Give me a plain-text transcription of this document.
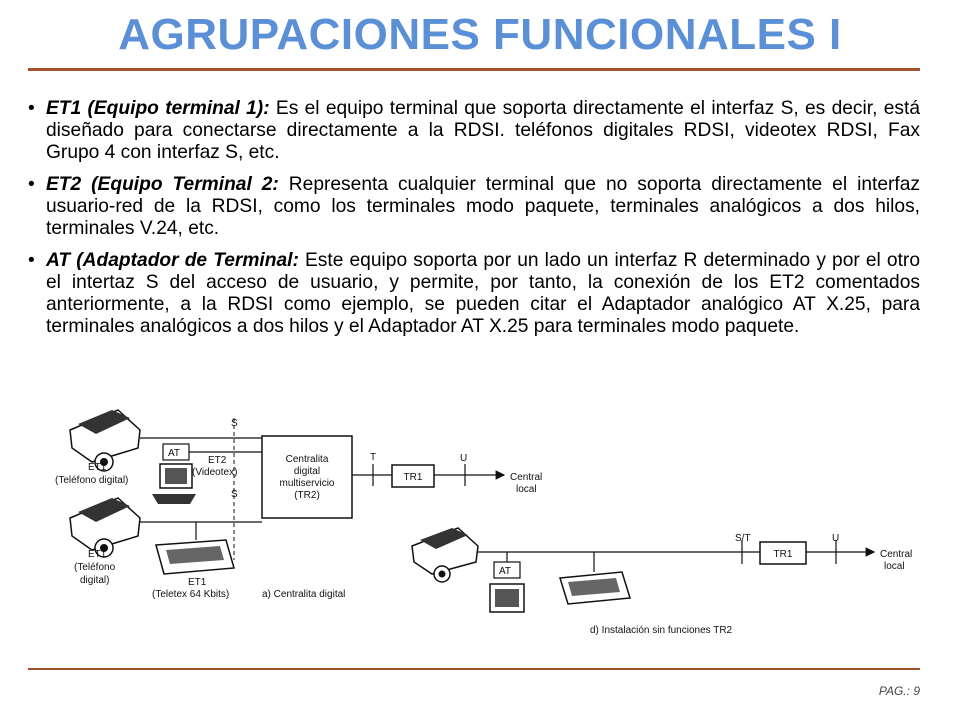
AGRUPACIONES FUNCIONALES I
• ET1 (Equipo terminal 1): Es el equipo terminal que soporta directamente el interfaz S, es decir, está diseñado para conectarse directamente a la RDSI. teléfonos digitales RDSI, videotex RDSI, Fax Grupo 4 con interfaz S, etc.
• ET2 (Equipo Terminal 2: Representa cualquier terminal que no soporta directamente el interfaz usuario-red de la RDSI, como los terminales modo paquete, terminales analógicos a dos hilos, terminales V.24, etc.
• AT (Adaptador de Terminal: Este equipo soporta por un lado un interfaz R determinado y por el otro el intertaz S del acceso de usuario, y permite, por tanto, la conexión de los ET2 comentados anteriormente, a la RDSI como ejemplo, se pueden citar el Adaptador analógico AT X.25, para terminales analógicos a dos hilos y el Adaptador AT X.25 para terminales modo paquete.
ET1
(Teléfono digital)
AT
ET2
(Videotex)
ET1
(Teléfono
digital)	ET1
(Teletex 64 Kbits)
S
S
Centralita
digital
multiservicio
(TR2)
T
TR1
U
Central
local
a) Centralita digital
AT
S/T
TR1
U
Central
local
d) Instalación sin funciones TR2
PAG.: 9
